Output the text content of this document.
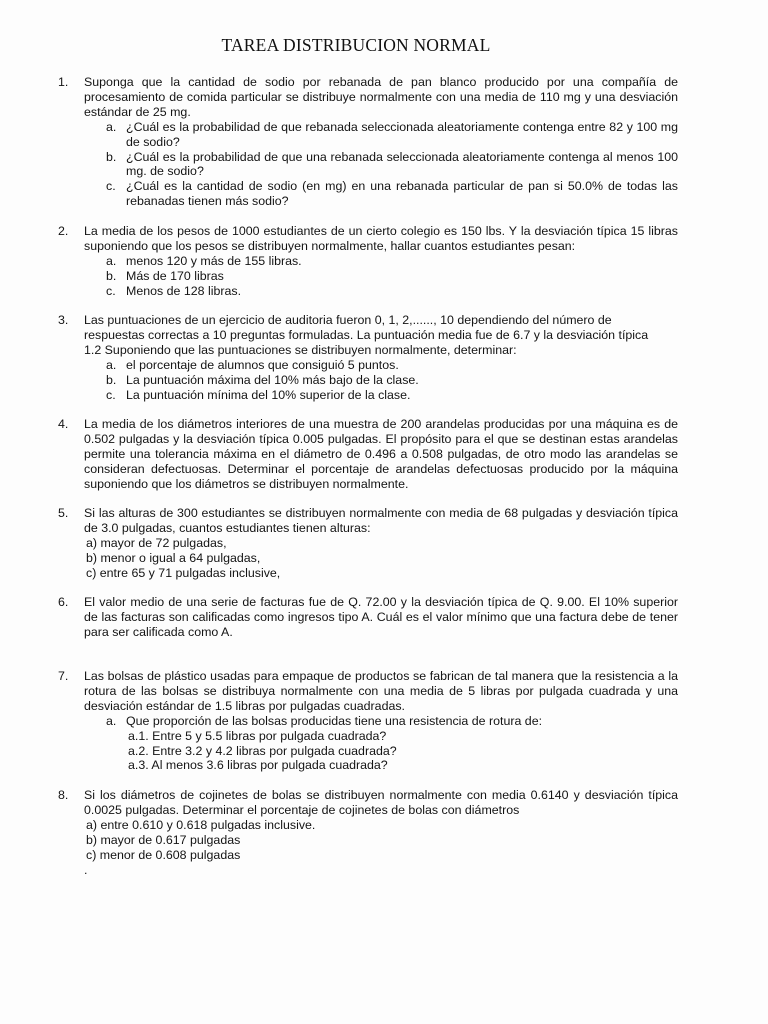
TAREA DISTRIBUCION NORMAL
1. Suponga que la cantidad de sodio por rebanada de pan blanco producido por una compañía de procesamiento de comida particular se distribuye normalmente con una media de 110 mg y una desviación estándar de 25 mg.
a. ¿Cuál es la probabilidad de que rebanada seleccionada aleatoriamente contenga entre 82 y 100 mg de sodio?
b. ¿Cuál es la probabilidad de que una rebanada seleccionada aleatoriamente contenga al menos 100 mg. de sodio?
c. ¿Cuál es la cantidad de sodio (en mg) en una rebanada particular de pan si 50.0% de todas las rebanadas tienen más sodio?
2. La media de los pesos de 1000 estudiantes de un cierto colegio es 150 lbs. Y la desviación típica 15 libras suponiendo que los pesos se distribuyen normalmente, hallar cuantos estudiantes pesan:
a. menos 120 y más de 155 libras.
b. Más de 170 libras
c. Menos de 128 libras.
3. Las puntuaciones de un ejercicio de auditoria fueron 0, 1, 2,......, 10 dependiendo del número de
respuestas correctas a 10 preguntas formuladas. La puntuación media fue de 6.7 y la desviación típica
1.2 Suponiendo que las puntuaciones se distribuyen normalmente, determinar:
a. el porcentaje de alumnos que consiguió 5 puntos.
b. La puntuación máxima del 10% más bajo de la clase.
c. La puntuación mínima del 10% superior de la clase.
4. La media de los diámetros interiores de una muestra de 200 arandelas producidas por una máquina es de 0.502 pulgadas y la desviación típica 0.005 pulgadas. El propósito para el que se destinan estas arandelas permite una tolerancia máxima en el diámetro de 0.496 a 0.508 pulgadas, de otro modo las arandelas se consideran defectuosas. Determinar el porcentaje de arandelas defectuosas producido por la máquina suponiendo que los diámetros se distribuyen normalmente.
5. Si las alturas de 300 estudiantes se distribuyen normalmente con media de 68 pulgadas y desviación típica de 3.0 pulgadas, cuantos estudiantes tienen alturas:
a) mayor de 72 pulgadas,
b) menor o igual a 64 pulgadas,
c) entre 65 y 71 pulgadas inclusive,
6. El valor medio de una serie de facturas fue de Q. 72.00 y la desviación típica de Q. 9.00. El 10% superior de las facturas son calificadas como ingresos tipo A. Cuál es el valor mínimo que una factura debe de tener para ser calificada como A.
7. Las bolsas de plástico usadas para empaque de productos se fabrican de tal manera que la resistencia a la rotura de las bolsas se distribuya normalmente con una media de 5 libras por pulgada cuadrada y una desviación estándar de 1.5 libras por pulgadas cuadradas.
a. Que proporción de las bolsas producidas tiene una resistencia de rotura de:
a.1. Entre 5 y 5.5 libras por pulgada cuadrada?
a.2. Entre 3.2 y 4.2 libras por pulgada cuadrada?
a.3. Al menos 3.6 libras por pulgada cuadrada?
8. Si los diámetros de cojinetes de bolas se distribuyen normalmente con media 0.6140 y desviación típica 0.0025 pulgadas. Determinar el porcentaje de cojinetes de bolas con diámetros
a) entre 0.610 y 0.618 pulgadas inclusive.
b) mayor de 0.617 pulgadas
c) menor de 0.608 pulgadas
.
